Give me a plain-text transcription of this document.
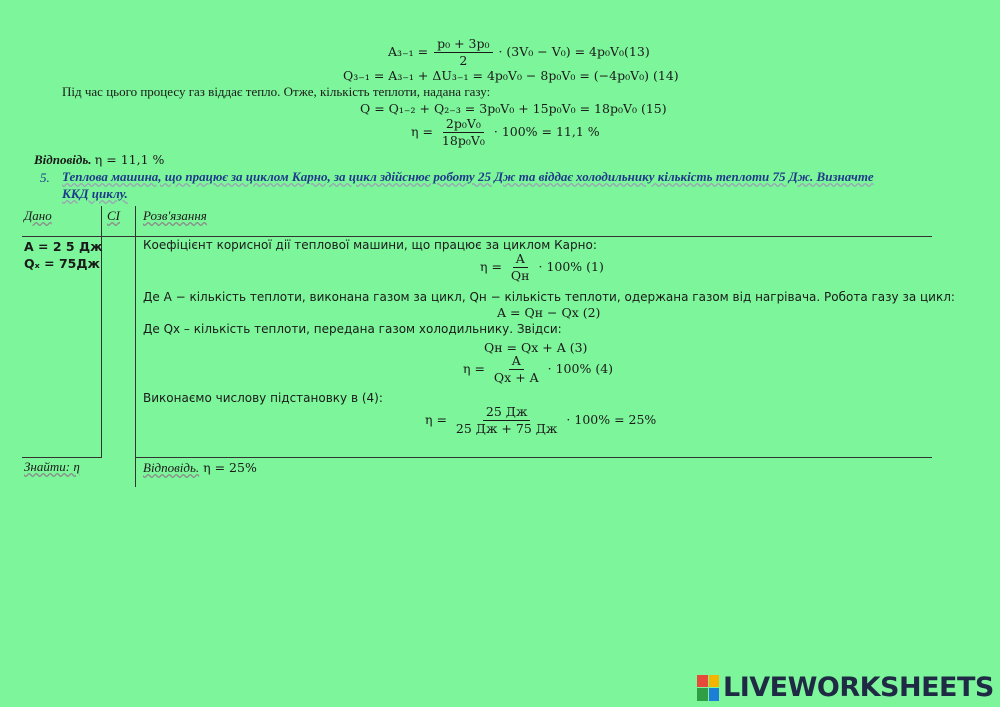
$A_{3-1} = \frac{\text{p₀ + 3p₀}}{2} \cdot (3V_0 - V_0) = 4p_0V_0(13)$
Q₃₋₁ = A₃₋₁ + ΔU₃₋₁ = 4p₀V₀ − 8p₀V₀ = (−4p₀V₀) (14)
Під час цього процесу газ віддає тепло. Отже, кількість теплоти, надана газу:
Q = Q₁₋₂ + Q₂₋₃ = 3p₀V₀ + 15p₀V₀ = 18p₀V₀ (15)
$\eta = \frac{\text{2p₀V₀}}{\text{18p₀V₀}} \cdot 100\% = 11,1$ %
Відповідь. η = 11,1 %
5. Теплова машина, що працює за циклом Карно, за цикл здійснює роботу 25 Дж та віддає холодильнику кількість теплоти 75 Дж. Визначте
ККД циклу.
Дано	СІ Розв'язання
A = 2 5 Дж
Qₓ = 75Дж
Коефіцієнт корисної дії теплової машини, що працює за циклом Карно:
$\eta = \frac{A}{Qн} \cdot 100\%$ (1)
Де A − кількість теплоти, виконана газом за цикл, Qн − кількість теплоти, одержана газом від нагрівача. Робота газу за цикл:
A = Qн − Qх (2)
Де Qх – кількість теплоти, передана газом холодильнику. Звідси:
Qн = Qх + A (3)
$\eta = \frac{A}{Qх + A} \cdot 100\%$ (4)
Виконаємо числову підстановку в (4):
$\eta = \frac{25 Дж}{25 Дж + 75 Дж} \cdot 100\% = 25\%$
Знайти: η	Відповідь. η = 25%
LIVEWORKSHEETS
